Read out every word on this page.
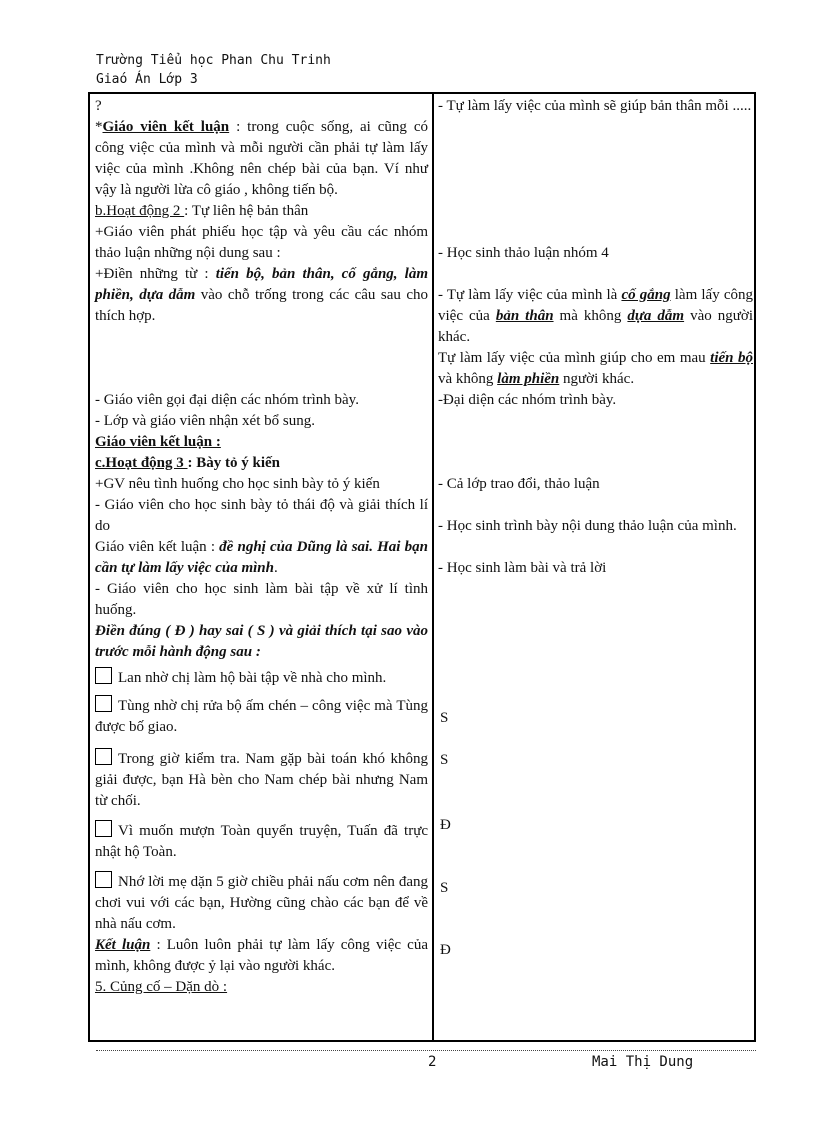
Trường Tiểu học Phan Chu Trinh
Giaó Án Lớp 3

?

*Giáo viên kết luận : trong cuộc sống, ai cũng có công việc của mình và mỗi người cần phải tự làm lấy việc của mình .Không nên chép bài của bạn. Ví như vậy là người lừa cô giáo , không tiến bộ.

b.Hoạt động 2 : Tự liên hệ bản thân

+Giáo viên phát phiếu học tập và yêu cầu các nhóm thảo luận những nội dung sau :

+Điền những từ : tiến bộ, bản thân, cố gắng, làm phiền, dựa dẫm vào chỗ trống trong các câu sau cho thích hợp.

- Giáo viên gọi đại diện các nhóm trình bày.

- Lớp và giáo viên nhận xét bổ sung.

Giáo viên kết luận :

c.Hoạt động 3 : Bày tỏ ý kiến

+GV nêu tình huống cho học sinh bày tỏ ý kiến

- Giáo viên cho học sinh bày tỏ thái độ và giải thích lí do

Giáo viên kết luận : đề nghị của Dũng là sai. Hai bạn cần tự làm lấy việc của mình.

- Giáo viên cho học sinh làm bài tập về xử lí tình huống.

Điền đúng ( Đ ) hay sai ( S ) và giải thích tại sao vào trước mỗi hành động sau :

Lan nhờ chị làm hộ bài tập về nhà cho mình.

Tùng nhờ chị rửa bộ ấm chén – công việc mà Tùng được bố giao.

Trong giờ kiểm tra. Nam gặp bài toán khó không giải được, bạn Hà bèn cho Nam chép bài nhưng Nam từ chối.

Vì muốn mượn Toàn quyển truyện, Tuấn đã trực nhật hộ Toàn.

Nhớ lời mẹ dặn 5 giờ chiều phải nấu cơm nên đang chơi vui với các bạn, Hường cũng chào các bạn để về nhà nấu cơm.

Kết luận : Luôn luôn phải tự làm lấy công việc của mình, không được ỷ lại vào người khác.

5. Củng cố – Dặn dò :

- Tự làm lấy việc của mình sẽ giúp bản thân mỗi .....

- Học sinh thảo luận nhóm 4

- Tự làm lấy việc của mình là cố gắng làm lấy công việc của bản thân mà không dựa dẫm vào người khác.

Tự làm lấy việc của mình giúp cho em mau tiến bộ và không làm phiền người khác.

-Đại diện các nhóm trình bày.

- Cả lớp trao đổi, thảo luận

- Học sinh trình bày nội dung thảo luận của mình.

- Học sinh làm bài và trả lời

S
S
Đ
S
Đ
2	Mai Thị Dung
